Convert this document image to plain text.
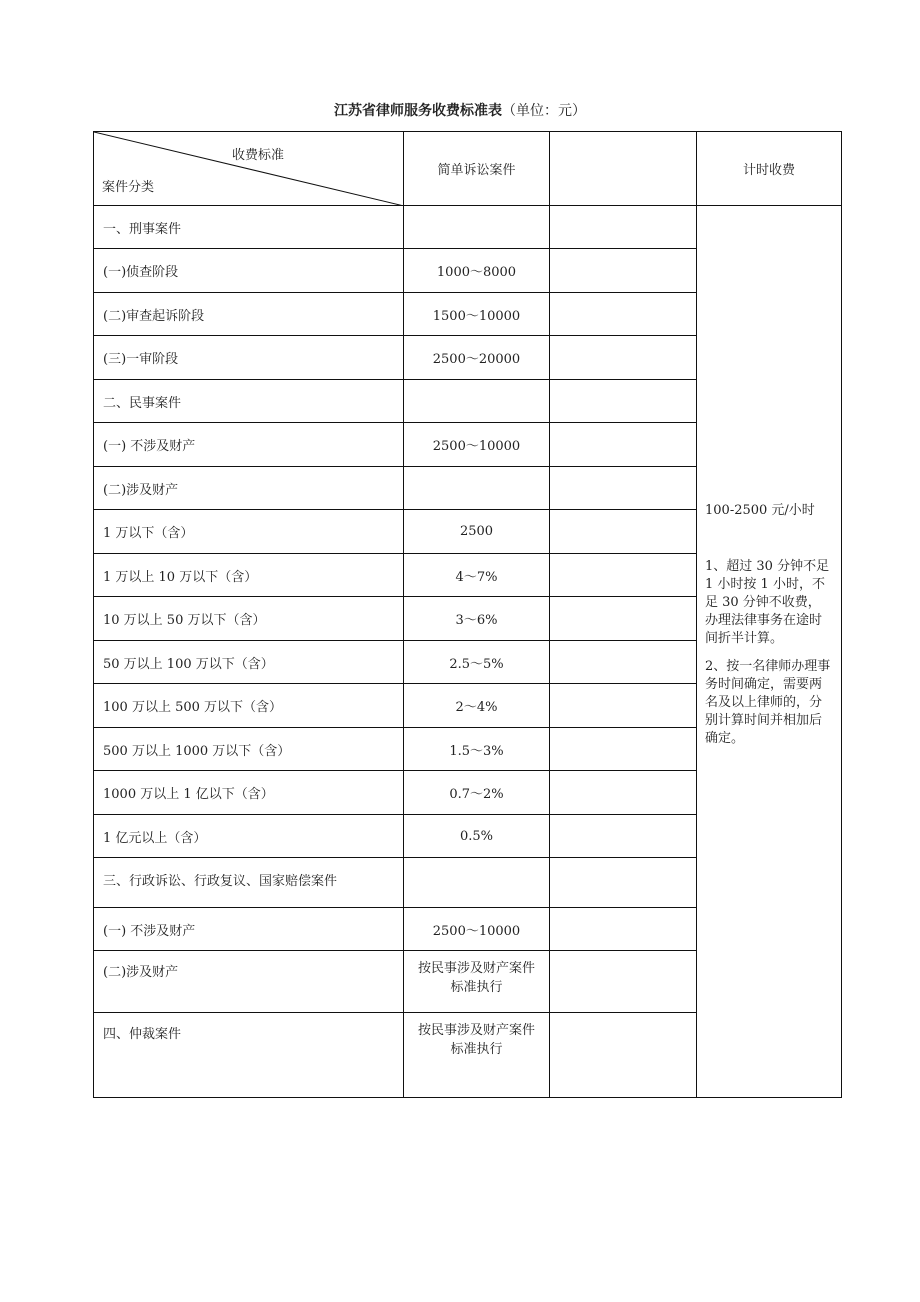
江苏省律师服务收费标准表（单位：元）
收费标准
案件分类	简单诉讼案件		计时收费
一、刑事案件			100-2500 元/小时
1、超过 30 分钟不足 1 小时按 1 小时，不足 30 分钟不收费，办理法律事务在途时间折半计算。
2、按一名律师办理事务时间确定，需要两名及以上律师的，分别计算时间并相加后确定。

(一)侦查阶段	1000～8000		
(二)审查起诉阶段	1500～10000		
(三)一审阶段	2500～20000		
二、民事案件			
(一) 不涉及财产	2500～10000		
(二)涉及财产			
1 万以下（含）	2500		
1 万以上 10 万以下（含）	4～7%		
10 万以上 50 万以下（含）	3～6%		
50 万以上 100 万以下（含）	2.5～5%		
100 万以上 500 万以下（含）	2～4%		
500 万以上 1000 万以下（含）	1.5～3%		
1000 万以上 1 亿以下（含）	0.7～2%		
1 亿元以上（含）	0.5%		
三、行政诉讼、行政复议、国家赔偿案件			
(一) 不涉及财产	2500～10000		
(二)涉及财产	按民事涉及财产案件标准执行		
四、仲裁案件	按民事涉及财产案件标准执行		
